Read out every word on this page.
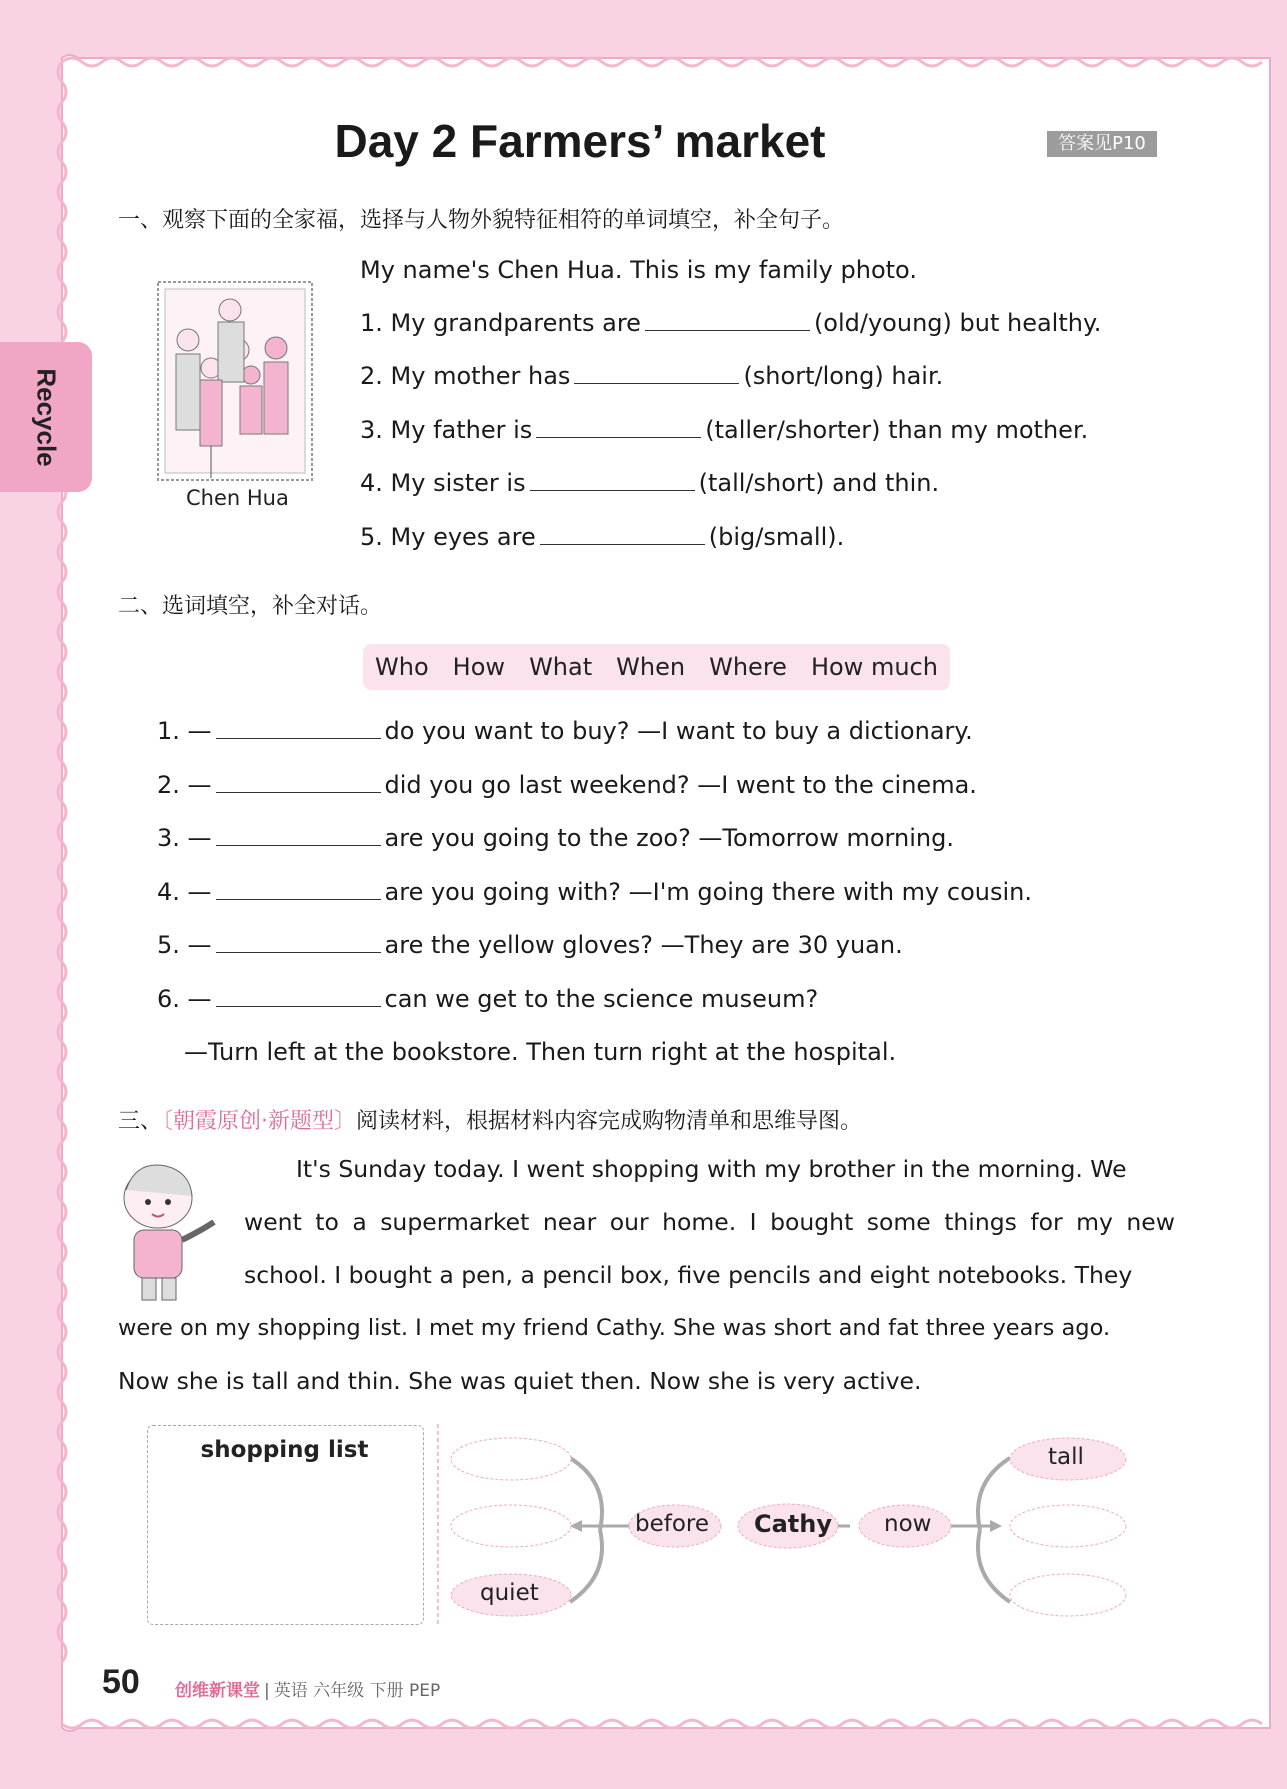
Day 2 Farmers’ market	答案见P10
Recycle
一、观察下面的全家福，选择与人物外貌特征相符的单词填空，补全句子。
Chen Hua
My name's Chen Hua. This is my family photo.
1. My grandparents are	(old/young) but healthy.
2. My mother has	(short/long) hair.
3. My father is	(taller/shorter) than my mother.
4. My sister is	(tall/short) and thin.
5. My eyes are	(big/small).
二、选词填空，补全对话。
Who How What When Where How much
1. —	do you want to buy? —I want to buy a dictionary.
2. —	did you go last weekend? —I went to the cinema.
3. —	are you going to the zoo? —Tomorrow morning.
4. —	are you going with? —I'm going there with my cousin.
5. —	are the yellow gloves? —They are 30 yuan.
6. —	can we get to the science museum?
—Turn left at the bookstore. Then turn right at the hospital.
三、〔朝霞原创·新题型〕阅读材料，根据材料内容完成购物清单和思维导图。
It's Sunday today. I went shopping with my brother in the morning. We
went to a supermarket near our home. I bought some things for my new
school. I bought a pen, a pencil box, five pencils and eight notebooks. They
were on my shopping list. I met my friend Cathy. She was short and fat three years ago.
Now she is tall and thin. She was quiet then. Now she is very active.
shopping list
quiet
before Cathy now
tall
50 创维新课堂 | 英语 六年级 下册 PEP
